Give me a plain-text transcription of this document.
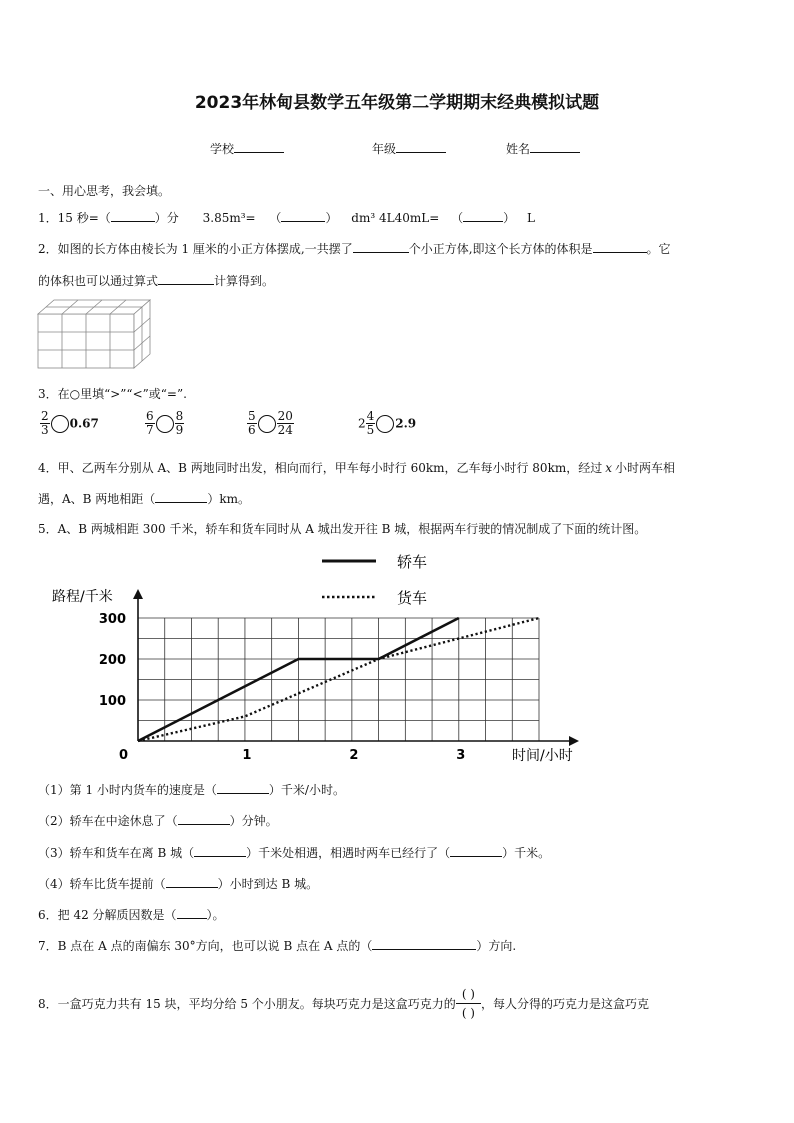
2023年林甸县数学五年级第二学期期末经典模拟试题
学校	年级	姓名
一、用心思考，我会填。
1．15 秒=（	）分 3.85m³= （	） dm³ 4L40mL= （	） L
2．如图的长方体由棱长为 1 厘米的小正方体摆成,一共摆了	个小正方体,即这个长方体的体积是	。它
的体积也可以通过算式	计算得到。
3．在○里填“>”“<”或“=”.
$\frac{2}{3} 0.67$	$\frac{6}{7} \frac{8}{9}$	$\frac{5}{6} \frac{20}{24}$	$2 \frac{4}{5} 2.9$
4．甲、乙两车分别从 A、B 两地同时出发，相向而行，甲车每小时行 60km，乙车每小时行 80km，经过 x 小时两车相
遇，A、B 两地相距（	）km。
5．A、B 两城相距 300 千米，轿车和货车同时从 A 城出发开往 B 城，根据两车行驶的情况制成了下面的统计图。
路程/千米
时间/小时
0	1	2	3
100
200
300
轿车
货车
（1）第 1 小时内货车的速度是（	）千米/小时。
（2）轿车在中途休息了（	）分钟。
（3）轿车和货车在离 B 城（	）千米处相遇，相遇时两车已经行了（	）千米。
（4）轿车比货车提前（	）小时到达 B 城。
6．把 42 分解质因数是（	）。
7．B 点在 A 点的南偏东 30°方向，也可以说 B 点在 A 点的（	）方向.
8．一盒巧克力共有 15 块，平均分给 5 个小朋友。每块巧克力是这盒巧克力的 $\frac{( )}{( )}$ ，每人分得的巧克力是这盒巧克
